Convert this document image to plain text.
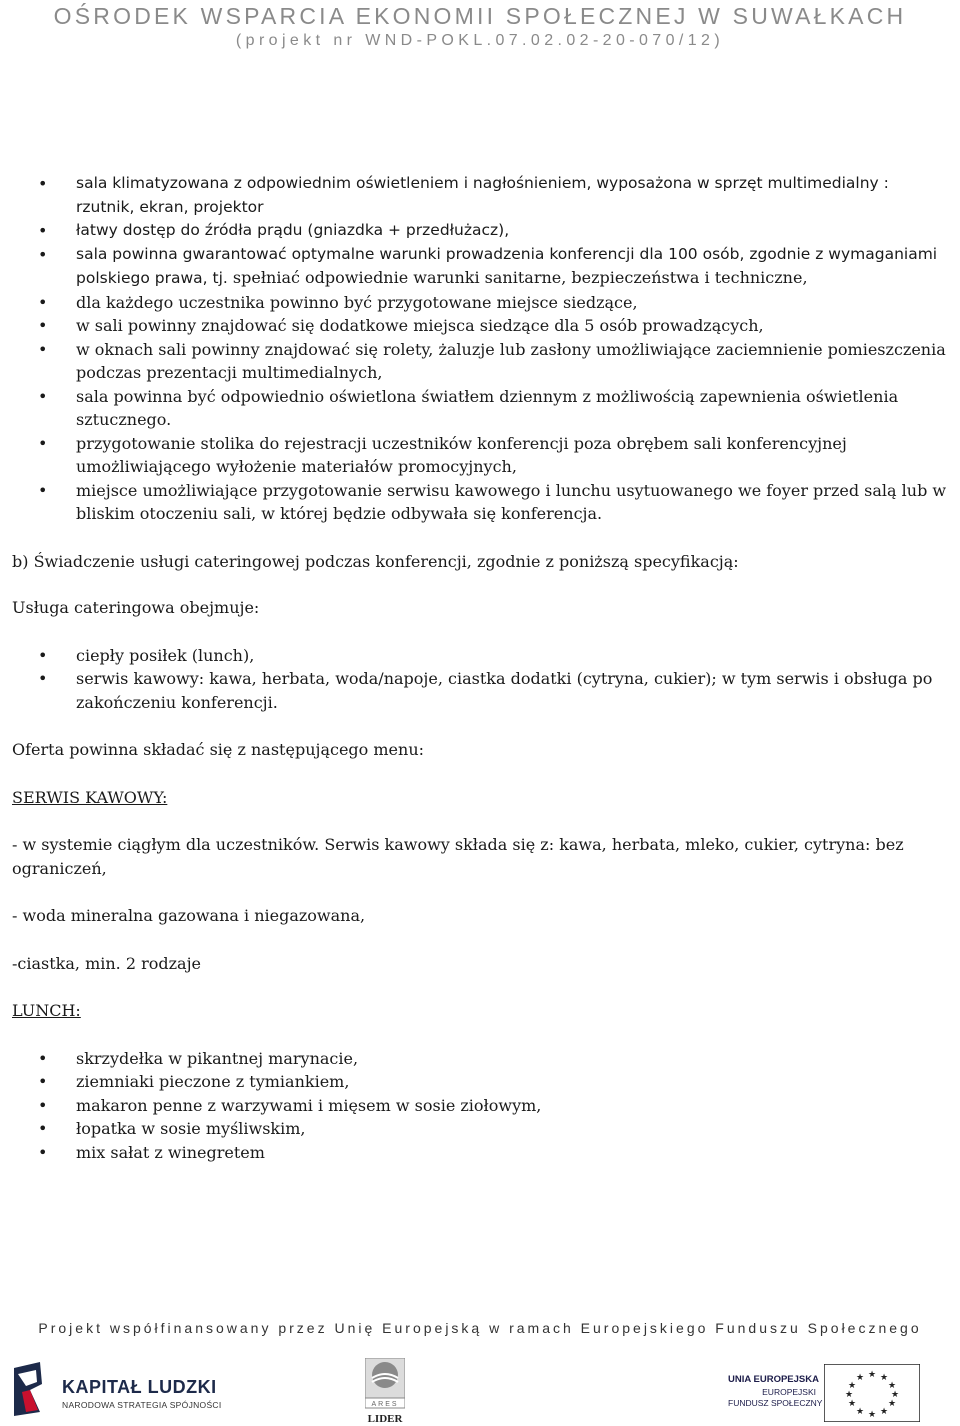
OŚRODEK WSPARCIA EKONOMII SPOŁECZNEJ W SUWAŁKACH
(projekt nr WND-POKL.07.02.02-20-070/12)
• sala klimatyzowana z odpowiednim oświetleniem i nagłośnieniem, wyposażona w sprzęt multimedialny : rzutnik, ekran, projektor
• łatwy dostęp do źródła prądu (gniazdka + przedłużacz),
• sala powinna gwarantować optymalne warunki prowadzenia konferencji dla 100 osób, zgodnie z wymaganiami polskiego prawa, tj. spełniać odpowiednie warunki sanitarne, bezpieczeństwa i techniczne,
• dla każdego uczestnika powinno być przygotowane miejsce siedzące,
• w sali powinny znajdować się dodatkowe miejsca siedzące dla 5 osób prowadzących,
• w oknach sali powinny znajdować się rolety, żaluzje lub zasłony umożliwiające zaciemnienie pomieszczenia podczas prezentacji multimedialnych,
• sala powinna być odpowiednio oświetlona światłem dziennym z możliwością zapewnienia oświetlenia sztucznego.
• przygotowanie stolika do rejestracji uczestników konferencji poza obrębem sali konferencyjnej umożliwiającego wyłożenie materiałów promocyjnych,
• miejsce umożliwiające przygotowanie serwisu kawowego i lunchu usytuowanego we foyer przed salą lub w bliskim otoczeniu sali, w której będzie odbywała się konferencja.

b) Świadczenie usługi cateringowej podczas konferencji, zgodnie z poniższą specyfikacją:

Usługa cateringowa obejmuje:

• ciepły posiłek (lunch),
• serwis kawowy: kawa, herbata, woda/napoje, ciastka dodatki (cytryna, cukier); w tym serwis i obsługa po zakończeniu konferencji.

Oferta powinna składać się z następującego menu:

SERWIS KAWOWY:

- w systemie ciągłym dla uczestników. Serwis kawowy składa się z: kawa, herbata, mleko, cukier, cytryna: bez ograniczeń,

- woda mineralna gazowana i niegazowana,

-ciastka, min. 2 rodzaje

LUNCH:

• skrzydełka w pikantnej marynacie,
• ziemniaki pieczone z tymiankiem,
• makaron penne z warzywami i mięsem w sosie ziołowym,
• łopatka w sosie myśliwskim,
• mix sałat z winegretem
Projekt współfinansowany przez Unię Europejską w ramach Europejskiego Funduszu Społecznego
KAPITAŁ LUDZKI
NARODOWA STRATEGIA SPÓJNOŚCI	ARES
LIDER
UNIA EUROPEJSKA
EUROPEJSKI
FUNDUSZ SPOŁECZNY
★ ★
★
★
★
★
★
★
★
★
★
★
